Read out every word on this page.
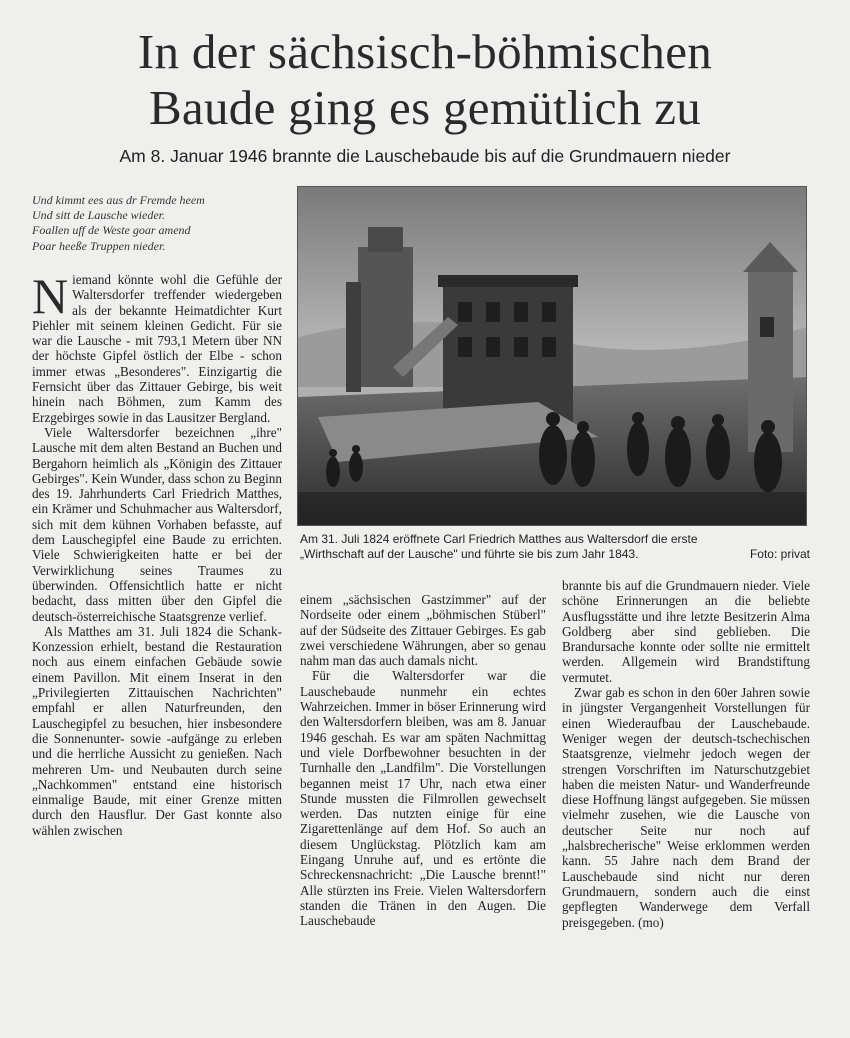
In der sächsisch-böhmischen
Baude ging es gemütlich zu
Am 8. Januar 1946 brannte die Lauschebaude bis auf die Grundmauern nieder
Und kimmt ees aus dr Fremde heem
Und sitt de Lausche wieder.
Foallen uff de Weste goar amend
Poar heeße Truppen nieder.

Niemand könnte wohl die Gefühle der Waltersdorfer treffender wiedergeben als der bekannte Heimatdichter Kurt Piehler mit seinem kleinen Gedicht. Für sie war die Lausche - mit 793,1 Metern über NN der höchste Gipfel östlich der Elbe - schon immer etwas „Besonderes". Einzigartig die Fernsicht über das Zittauer Gebirge, bis weit hinein nach Böhmen, zum Kamm des Erzgebirges sowie in das Lausitzer Bergland.

Viele Waltersdorfer bezeichnen „ihre" Lausche mit dem alten Bestand an Buchen und Bergahorn heimlich als „Königin des Zittauer Gebirges". Kein Wunder, dass schon zu Beginn des 19. Jahrhunderts Carl Friedrich Matthes, ein Krämer und Schuhmacher aus Waltersdorf, sich mit dem kühnen Vorhaben befasste, auf dem Lauschegipfel eine Baude zu errichten. Viele Schwierigkeiten hatte er bei der Verwirklichung seines Traumes zu überwinden. Offensichtlich hatte er nicht bedacht, dass mitten über den Gipfel die deutsch-österreichische Staatsgrenze verlief.

Als Matthes am 31. Juli 1824 die Schank-Konzession erhielt, bestand die Restauration noch aus einem einfachen Gebäude sowie einem Pavillon. Mit einem Inserat in den „Privilegierten Zittauischen Nachrichten" empfahl er allen Naturfreunden, den Lauschegipfel zu besuchen, hier insbesondere die Sonnenunter- sowie -aufgänge zu erleben und die herrliche Aussicht zu genießen. Nach mehreren Um- und Neubauten durch seine „Nachkommen" entstand eine historisch einmalige Baude, mit einer Grenze mitten durch den Hausflur. Der Gast konnte also wählen zwischen

Am 31. Juli 1824 eröffnete Carl Friedrich Matthes aus Waltersdorf die erste
„Wirthschaft auf der Lausche" und führte sie bis zum Jahr 1843.	Foto: privat

einem „sächsischen Gastzimmer" auf der Nordseite oder einem „böhmischen Stüberl" auf der Südseite des Zittauer Gebirges. Es gab zwei verschiedene Währungen, aber so genau nahm man das auch damals nicht.

Für die Waltersdorfer war die Lauschebaude nunmehr ein echtes Wahrzeichen. Immer in böser Erinnerung wird den Waltersdorfern bleiben, was am 8. Januar 1946 geschah. Es war am späten Nachmittag und viele Dorfbewohner besuchten in der Turnhalle den „Landfilm". Die Vorstellungen begannen meist 17 Uhr, nach etwa einer Stunde mussten die Filmrollen gewechselt werden. Das nutzten einige für eine Zigarettenlänge auf dem Hof. So auch an diesem Unglückstag. Plötzlich kam am Eingang Unruhe auf, und es ertönte die Schreckensnachricht: „Die Lausche brennt!" Alle stürzten ins Freie. Vielen Waltersdorfern standen die Tränen in den Augen. Die Lauschebaude

brannte bis auf die Grundmauern nieder. Viele schöne Erinnerungen an die beliebte Ausflugsstätte und ihre letzte Besitzerin Alma Goldberg aber sind geblieben. Die Brandursache konnte oder sollte nie ermittelt werden. Allgemein wird Brandstiftung vermutet.

Zwar gab es schon in den 60er Jahren sowie in jüngster Vergangenheit Vorstellungen für einen Wiederaufbau der Lauschebaude. Weniger wegen der deutsch-tschechischen Staatsgrenze, vielmehr jedoch wegen der strengen Vorschriften im Naturschutzgebiet haben die meisten Natur- und Wanderfreunde diese Hoffnung längst aufgegeben. Sie müssen vielmehr zusehen, wie die Lausche von deutscher Seite nur noch auf „halsbrecherische" Weise erklommen werden kann. 55 Jahre nach dem Brand der Lauschebaude sind nicht nur deren Grundmauern, sondern auch die einst gepflegten Wanderwege dem Verfall preisgegeben. (mo)
